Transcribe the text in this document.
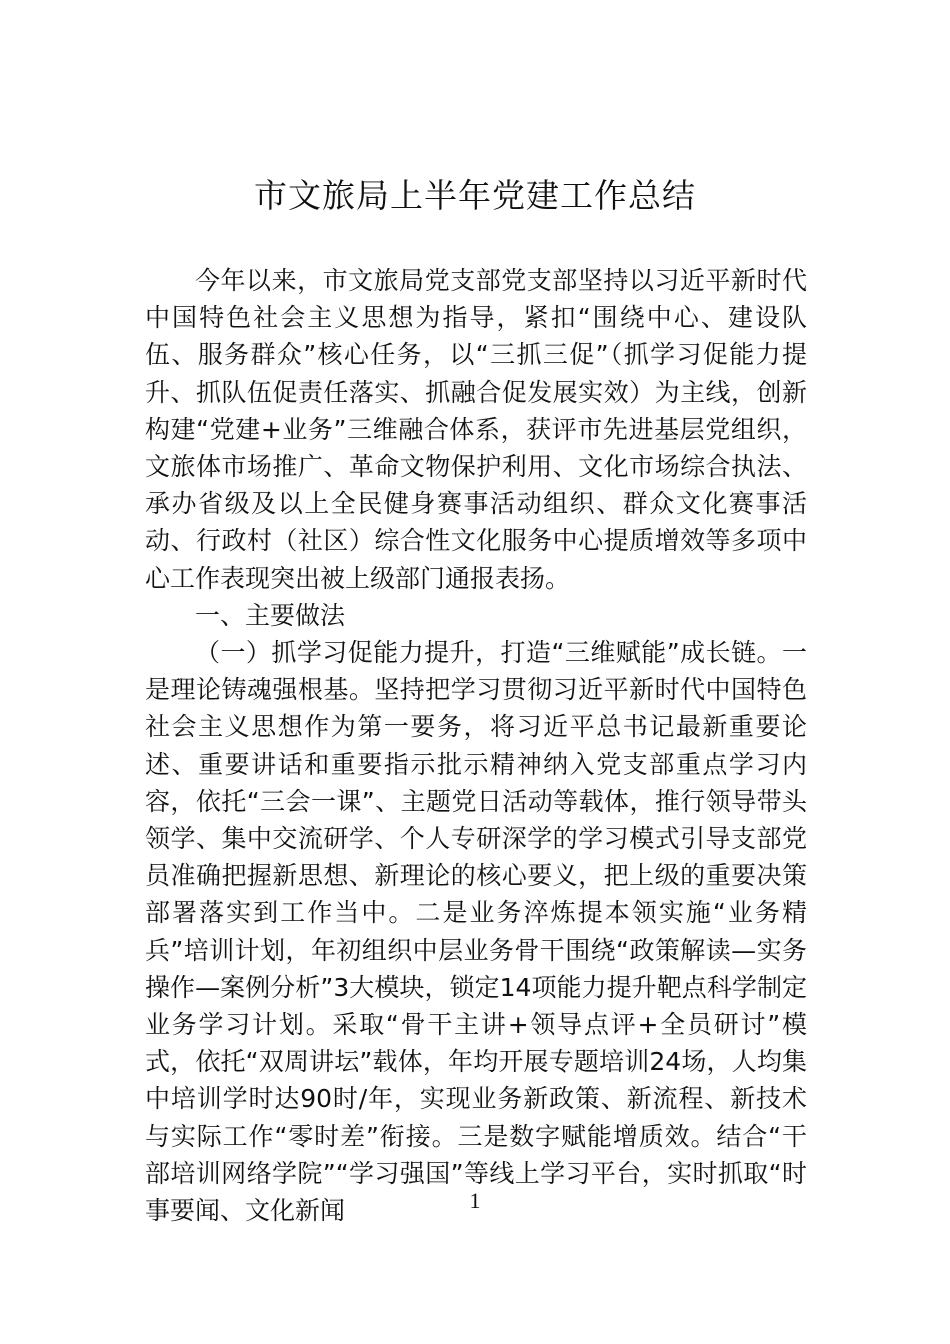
市文旅局上半年党建工作总结

今年以来，市文旅局党支部党支部坚持以习近平新时代中国特色社会主义思想为指导，紧扣“围绕中心、建设队伍、服务群众”核心任务，以“三抓三促”（抓学习促能力提升、抓队伍促责任落实、抓融合促发展实效）为主线，创新构建“党建+业务”三维融合体系，获评市先进基层党组织，文旅体市场推广、革命文物保护利用、文化市场综合执法、承办省级及以上全民健身赛事活动组织、群众文化赛事活动、行政村（社区）综合性文化服务中心提质增效等多项中心工作表现突出被上级部门通报表扬。

一、主要做法

（一）抓学习促能力提升，打造“三维赋能”成长链。一是理论铸魂强根基。坚持把学习贯彻习近平新时代中国特色社会主义思想作为第一要务，将习近平总书记最新重要论述、重要讲话和重要指示批示精神纳入党支部重点学习内容，依托“三会一课”、主题党日活动等载体，推行领导带头领学、集中交流研学、个人专研深学的学习模式引导支部党员准确把握新思想、新理论的核心要义，把上级的重要决策部署落实到工作当中。二是业务淬炼提本领实施“业务精兵”培训计划，年初组织中层业务骨干围绕“政策解读—实务操作—案例分析”3大模块，锁定14项能力提升靶点科学制定业务学习计划。采取“骨干主讲+领导点评+全员研讨”模式，依托“双周讲坛”载体，年均开展专题培训24场，人均集中培训学时达90时/年，实现业务新政策、新流程、新技术与实际工作“零时差”衔接。三是数字赋能增质效。结合“干部培训网络学院”“学习强国”等线上学习平台，实时抓取“时事要闻、文化新闻	1
